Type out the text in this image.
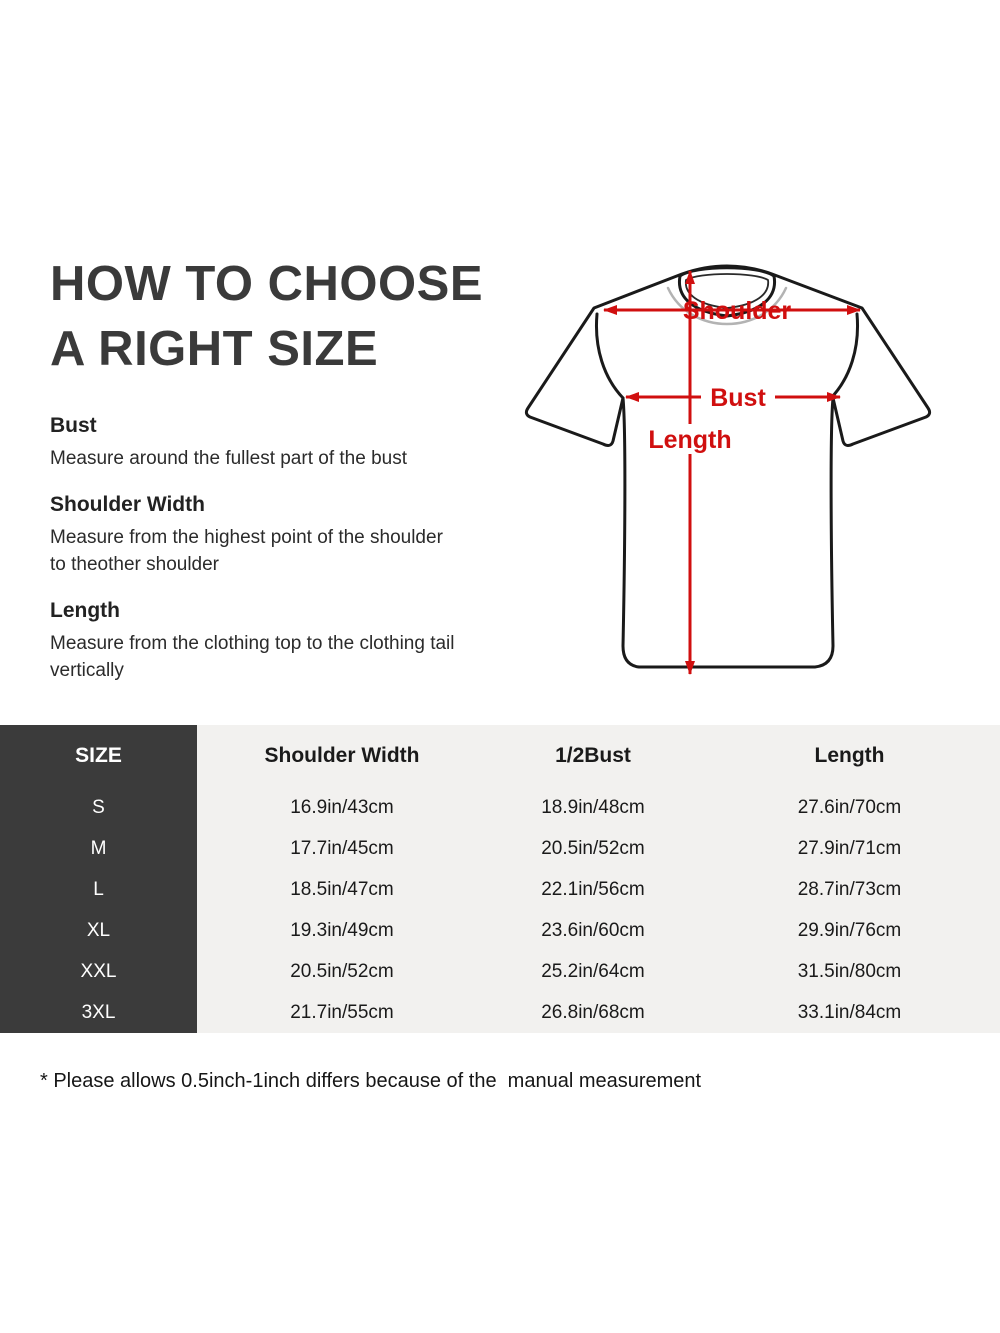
HOW TO CHOOSE
A RIGHT SIZE
Bust
Measure around the fullest part of the bust
Shoulder Width
Measure from the highest point of the shoulder to theother shoulder
Length
Measure from the clothing top to the clothing tail vertically
Shoulder
Bust
Length
SIZE	Shoulder Width	1/2Bust	Length
S	16.9in/43cm	18.9in/48cm	27.6in/70cm
M	17.7in/45cm	20.5in/52cm	27.9in/71cm
L	18.5in/47cm	22.1in/56cm	28.7in/73cm
XL	19.3in/49cm	23.6in/60cm	29.9in/76cm
XXL	20.5in/52cm	25.2in/64cm	31.5in/80cm
3XL	21.7in/55cm	26.8in/68cm	33.1in/84cm
* Please allows 0.5inch-1inch differs because of the  manual measurement
